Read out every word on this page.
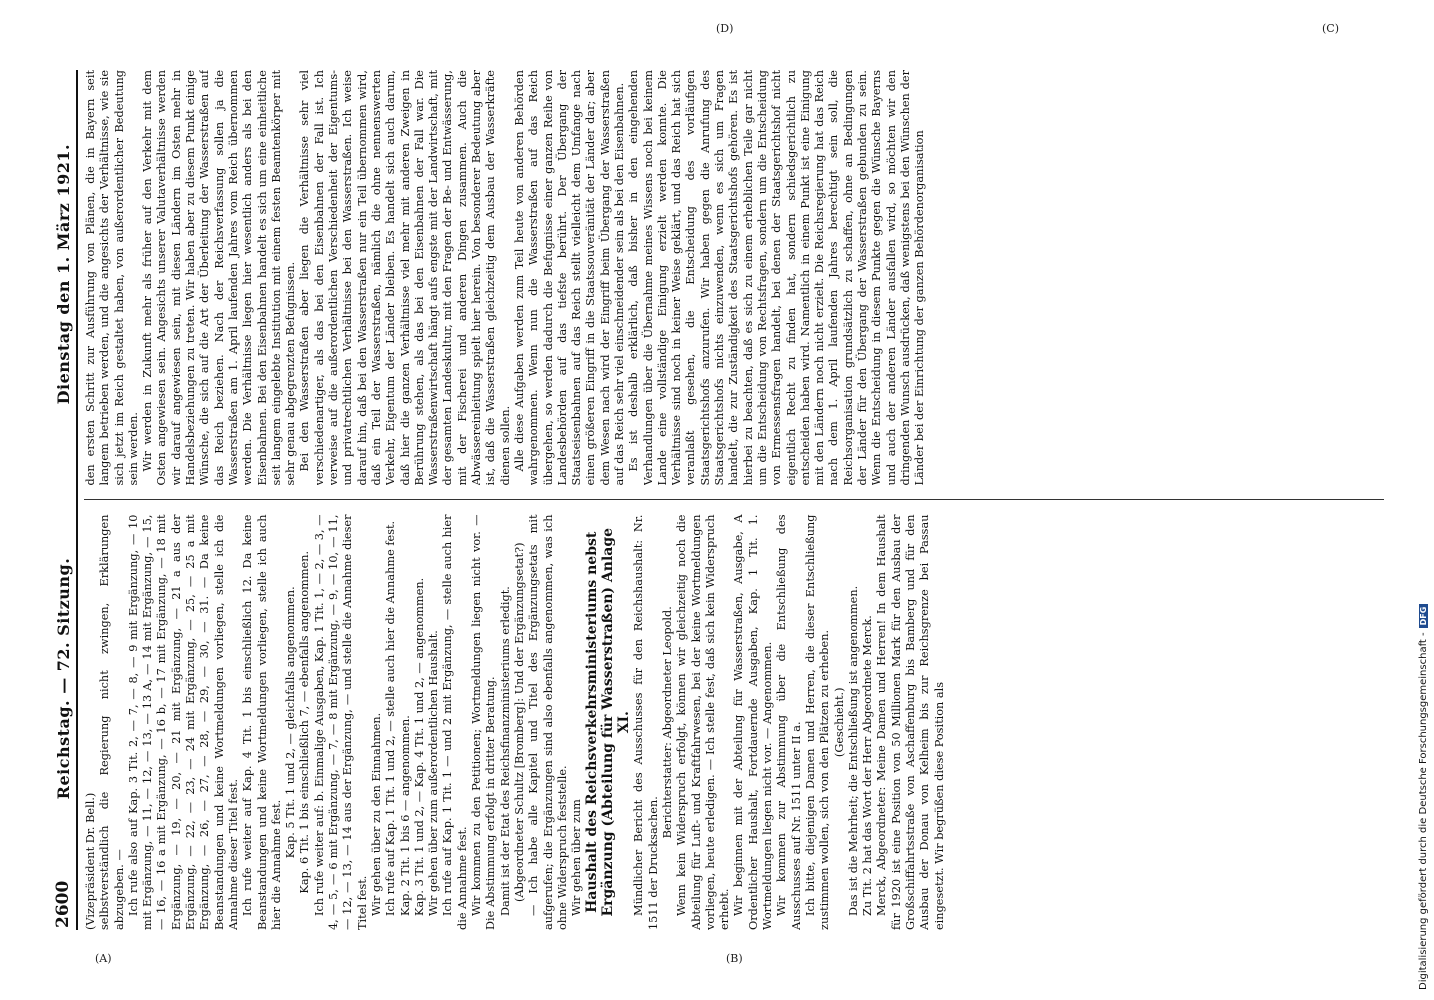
2600
Reichstag. — 72. Sitzung.
Dienstag den 1. März 1921.

(Vizepräsident Dr. Bell.) selbstverständlich die Regierung nicht zwingen, Erklärungen abzugeben. — Ich rufe also auf Kap. 3 Tit. 2, — 7, — 8, — 9 mit Ergänzung, — 10 mit Ergänzung, — 11, — 12, — 13, — 13 A, — 14 mit Ergänzung, — 15, — 16, — 16 a mit Ergänzung, — 16 b, — 17 mit Ergänzung, — 18 mit Ergänzung, — 19, — 20, — 21 mit Ergänzung, — 21 a aus der Ergänzung, — 22, — 23, — 24 mit Ergänzung, — 25, — 25 a mit Ergänzung, — 26, — 27, — 28, — 29, — 30, — 31. — Da keine Beanstandungen und keine Wortmeldungen vorliegen, stelle ich die Annahme dieser Titel fest. Ich rufe weiter auf Kap. 4 Tit. 1 bis einschließlich 12. Da keine Beanstandungen und keine Wortmeldungen vorliegen, stelle ich auch hier die Annahme fest.

Kap. 5 Tit. 1 und 2, — gleichfalls angenommen. Kap. 6 Tit. 1 bis einschließlich 7, — ebenfalls angenommen. Ich rufe weiter auf: b. Einmalige Ausgaben, Kap. 1 Tit. 1, — 2, — 3, — 4, — 5, — 6 mit Ergänzung, — 7, — 8 mit Ergänzung, — 9, — 10, — 11, — 12, — 13, — 14 aus der Ergänzung, — und stelle die Annahme dieser Titel fest. Wir gehen über zu den Einnahmen. Ich rufe auf Kap. 1 Tit. 1 und 2, — stelle auch hier die Annahme fest. Kap. 2 Tit. 1 bis 6 — angenommen. Kap. 3 Tit. 1 und 2, — Kap. 4 Tit. 1 und 2, — angenommen. Wir gehen über zum außerordentlichen Haushalt. Ich rufe auf Kap. 1 Tit. 1 — und 2 mit Ergänzung, — stelle auch hier die Annahme fest. Wir kommen zu den Petitionen; Wortmeldungen liegen nicht vor. — Die Abstimmung erfolgt in dritter Beratung. Damit ist der Etat des Reichsfinanzministeriums erledigt. (Abgeordneter Schultz [Bromberg]: Und der Ergänzungsetat?) — Ich habe alle Kapitel und Titel des Ergänzungsetats mit aufgerufen; die Ergänzungen sind also ebenfalls angenommen, was ich ohne Widerspruch feststelle. Wir gehen über zum Haushalt des Reichsverkehrsministeriums nebst Ergänzung (Abteilung für Wasserstraßen) Anlage XI. Mündlicher Bericht des Ausschusses für den Reichshaushalt: Nr. 1511 der Drucksachen.

Berichterstatter: Abgeordneter Leopold. Wenn kein Widerspruch erfolgt, können wir gleichzeitig noch die Abteilung für Luft- und Kraftfahrwesen, bei der keine Wortmeldungen vorliegen, heute erledigen. — Ich stelle fest, daß sich kein Widerspruch erhebt. Wir beginnen mit der Abteilung für Wasserstraßen, Ausgabe, A Ordentlicher Haushalt, Fortdauernde Ausgaben, Kap. 1 Tit. 1. Wortmeldungen liegen nicht vor. — Angenommen. Wir kommen zur Abstimmung über die Entschließung des Ausschusses auf Nr. 1511 unter II a. Ich bitte, diejenigen Damen und Herren, die dieser Entschließung zustimmen wollen, sich von den Plätzen zu erheben. (Geschieht.) Das ist die Mehrheit; die Entschließung ist angenommen. Zu Tit. 2 hat das Wort der Herr Abgeordnete Merck. Merck, Abgeordneter: Meine Damen und Herren! In dem Haushalt für 1920 ist eine Position von 50 Millionen Mark für den Ausbau der Großschiffahrtsstraße von Aschaffenburg bis Bamberg und für den Ausbau der Donau von Kelheim bis zur Reichsgrenze bei Passau eingesetzt. Wir begrüßen diese Position als

den ersten Schritt zur Ausführung von Plänen, die in Bayern seit langem betrieben werden, und die angesichts der Verhältnisse, wie sie sich jetzt im Reich gestaltet haben, von außerordentlicher Bedeutung sein werden. Wir werden in Zukunft mehr als früher auf den Verkehr mit dem Osten angewiesen sein. Angesichts unserer Valutaverhältnisse werden wir darauf angewiesen sein, mit diesen Ländern im Osten mehr in Handelsbeziehungen zu treten. Wir haben aber zu diesem Punkt einige Wünsche, die sich auf die Art der Überleitung der Wasserstraßen auf das Reich beziehen. Nach der Reichsverfassung sollen ja die Wasserstraßen am 1. April laufenden Jahres vom Reich übernommen werden. Die Verhältnisse liegen hier wesentlich anders als bei den Eisenbahnen. Bei den Eisenbahnen handelt es sich um eine einheitliche seit langem eingelebte Institution mit einem festen Beamtenkörper mit sehr genau abgegrenzten Befugnissen. Bei den Wasserstraßen aber liegen die Verhältnisse sehr viel verschiedenartiger, als das bei den Eisenbahnen der Fall ist. Ich verweise auf die außerordentlichen Verschiedenheit der Eigentums- und privatrechtlichen Verhältnisse bei den Wasserstraßen. Ich weise darauf hin, daß bei den Wasserstraßen nur ein Teil übernommen wird, daß ein Teil der Wasserstraßen, nämlich die ohne nennenswerten Verkehr, Eigentum der Länder bleiben. Es handelt sich auch darum, daß hier die ganzen Verhältnisse viel mehr mit anderen Zweigen in Berührung stehen, als das bei den Eisenbahnen der Fall war. Die Wasserstraßenwirtschaft hängt aufs engste mit der Landwirtschaft, mit der gesamten Landeskultur, mit den Fragen der Be- und Entwässerung, mit der Fischerei und anderen Dingen zusammen. Auch die Abwässereinleitung spielt hier herein. Von besonderer Bedeutung aber ist, daß die Wasserstraßen gleichzeitig dem Ausbau der Wasserkräfte dienen sollen. Alle diese Aufgaben werden zum Teil heute von anderen Behörden wahrgenommen. Wenn nun die Wasserstraßen auf das Reich übergehen, so werden dadurch die Befugnisse einer ganzen Reihe von Landesbehörden auf das tiefste berührt. Der Übergang der Staatseisenbahnen auf das Reich stellt vielleicht dem Umfange nach einen größeren Eingriff in die Staatssouveränität der Länder dar; aber dem Wesen nach wird der Eingriff beim Übergang der Wasserstraßen auf das Reich sehr viel einschneidender sein als bei den Eisenbahnen. Es ist deshalb erklärlich, daß bisher in den eingehenden Verhandlungen über die Übernahme meines Wissens noch bei keinem Lande eine vollständige Einigung erzielt werden konnte. Die Verhältnisse sind noch in keiner Weise geklärt, und das Reich hat sich veranlaßt gesehen, die Entscheidung des vorläufigen Staatsgerichtshofs anzurufen. Wir haben gegen die Anrufung des Staatsgerichtshofs nichts einzuwenden, wenn es sich um Fragen handelt, die zur Zuständigkeit des Staatsgerichtshofs gehören. Es ist hierbei zu beachten, daß es sich zu einem erheblichen Teile gar nicht um die Entscheidung von Rechtsfragen, sondern um die Entscheidung von Ermessensfragen handelt, bei denen der Staatsgerichtshof nicht eigentlich Recht zu finden hat, sondern schiedsgerichtlich zu entscheiden haben wird. Namentlich in einem Punkt ist eine Einigung mit den Ländern noch nicht erzielt. Die Reichsregierung hat das Reich nach dem 1. April laufenden Jahres berechtigt sein soll, die Reichsorganisation grundsätzlich zu schaffen, ohne an Bedingungen der Länder für den Übergang der Wasserstraßen gebunden zu sein. Wenn die Entscheidung in diesem Punkte gegen die Wünsche Bayerns und auch der anderen Länder ausfallen wird, so möchten wir den dringenden Wunsch ausdrücken, daß wenigstens bei den Wünschen der Länder bei der Einrichtung der ganzen Behördenorganisation

(A)	(B)
(D)	(C)
Digitalisierung gefördert durch die Deutsche Forschungsgemeinschaft -
DFG
